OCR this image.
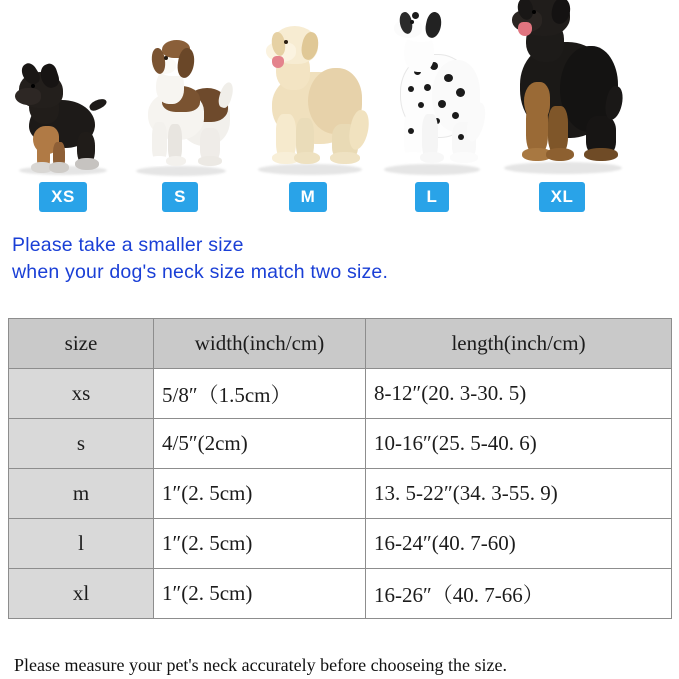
XS	S	M	L	XL
Please take a smaller size
when your dog's neck size match two size.
size	width(inch/cm)	length(inch/cm)
xs	5/8″（1.5cm）	8-12″(20. 3-30. 5)
s	4/5″(2cm)	10-16″(25. 5-40. 6)
m	1″(2. 5cm)	13. 5-22″(34. 3-55. 9)
l	1″(2. 5cm)	16-24″(40. 7-60)
xl	1″(2. 5cm)	16-26″（40. 7-66）
Please measure your pet's neck accurately before chooseing the size.
